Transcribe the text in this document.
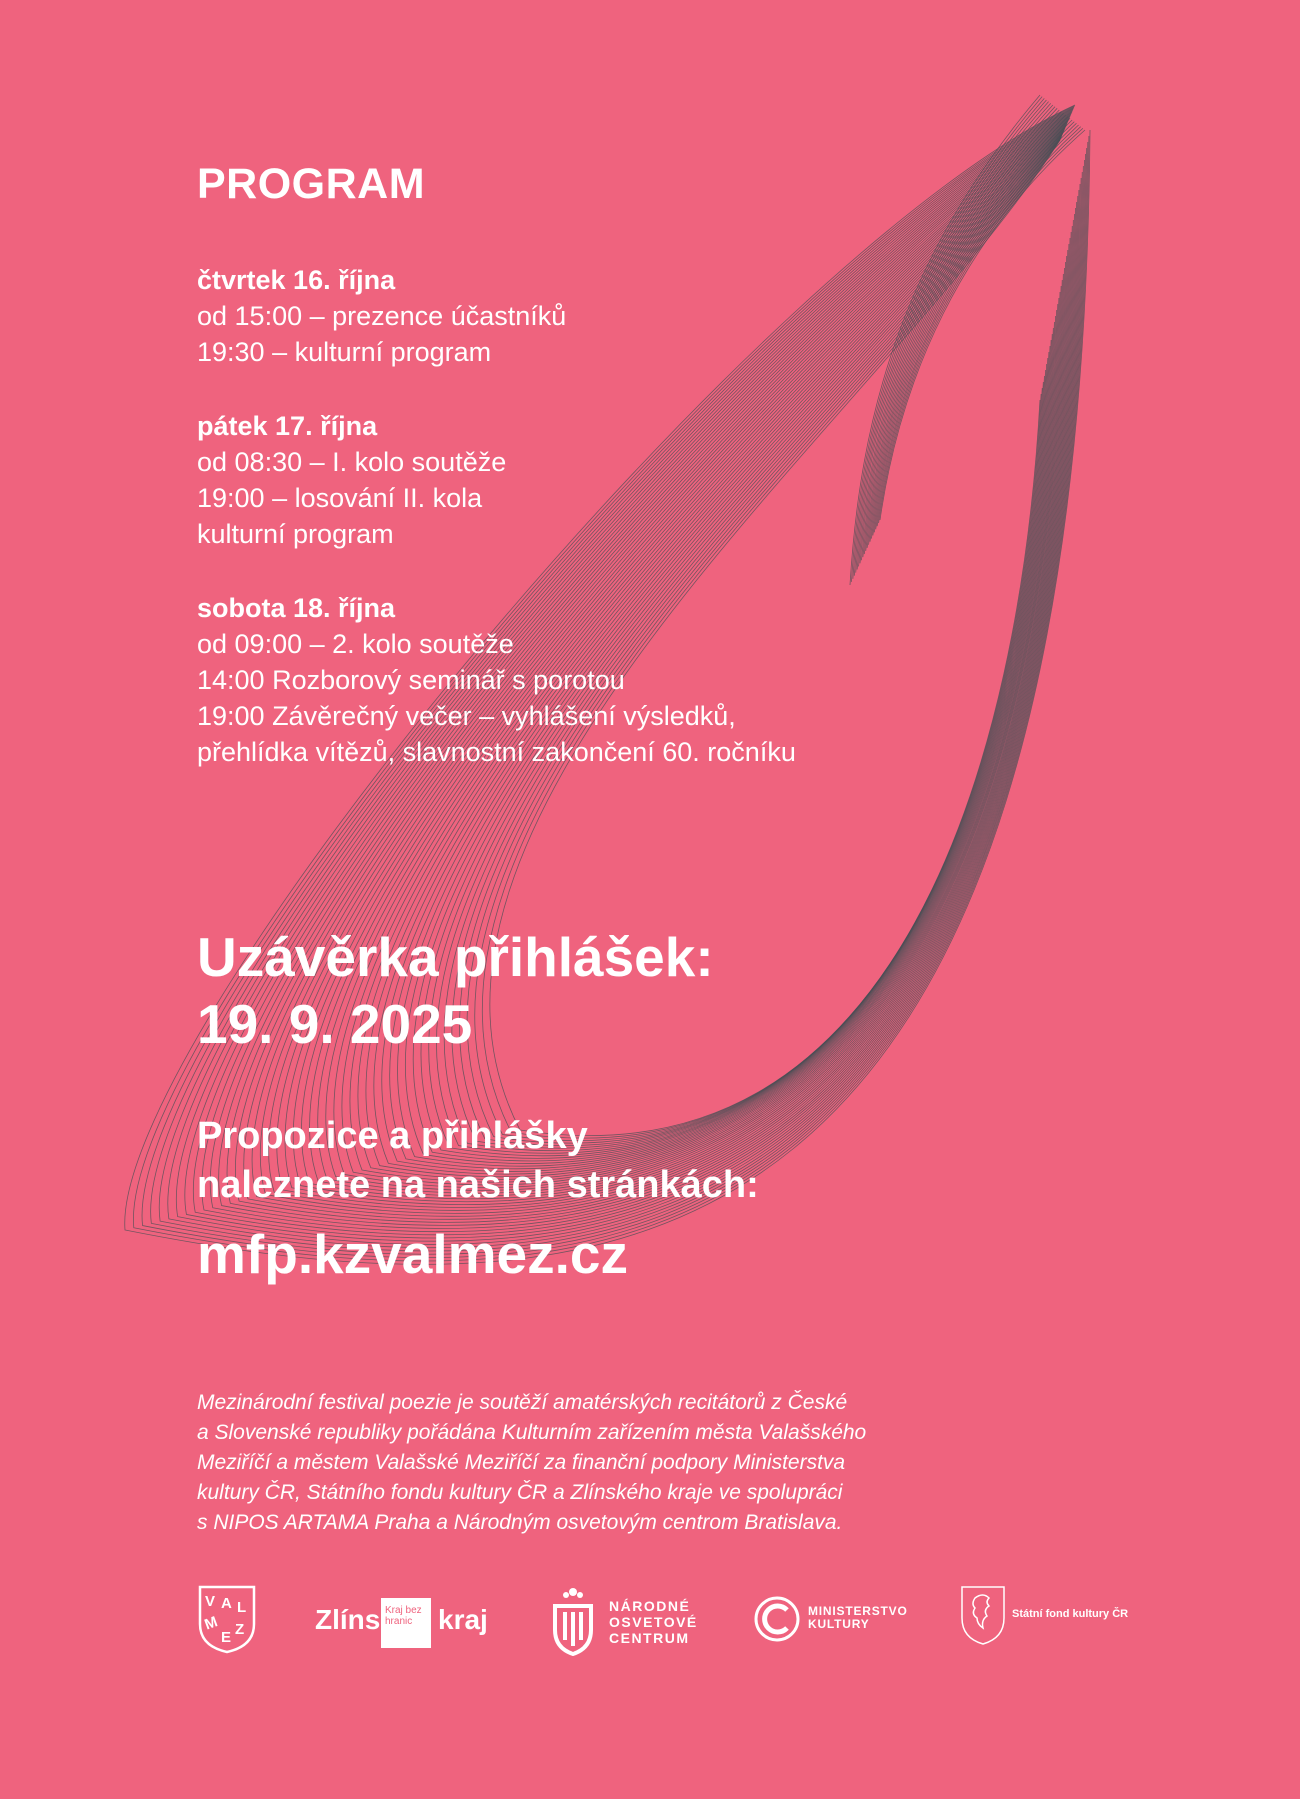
PROGRAM
čtvrtek 16. října
od 15:00 – prezence účastníků
19:30 – kulturní program
pátek 17. října
od 08:30 – I. kolo soutěže
19:00 – losování II. kola
kulturní program
sobota 18. října
od 09:00 – 2. kolo soutěže
14:00 Rozborový seminář s porotou
19:00 Závěrečný večer – vyhlášení výsledků,
přehlídka vítězů, slavnostní zakončení 60. ročníku
Uzávěrka přihlášek:
19. 9. 2025
Propozice a přihlášky
naleznete na našich stránkách:
mfp.kzvalmez.cz
Mezinárodní festival poezie je soutěží amatérských recitátorů z České
a Slovenské republiky pořádána Kulturním zařízením města Valašského
Meziříčí a městem Valašské Meziříčí za finanční podpory Ministerstva
kultury ČR, Státního fondu kultury ČR a Zlínského kraje ve spolupráci
s NIPOS ARTAMA Praha a Národným osvetovým centrom Bratislava.
V A L
M
E Z	Zlíns Kraj bez hranic kraj	NÁRODNÉ
OSVETOVÉ
CENTRUM
MINISTERSTVO
KULTURY
Státní fond kultury ČR
